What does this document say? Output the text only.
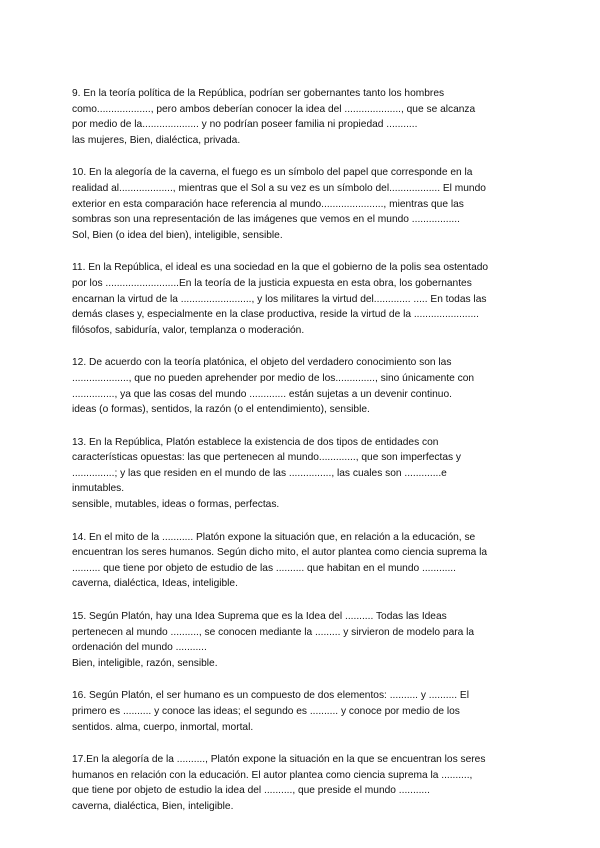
9. En la teoría política de la República, podrían ser gobernantes tanto los hombres
como..................., pero ambos deberían conocer la idea del ...................., que se alcanza
por medio de la.................... y no podrían poseer familia ni propiedad ...........
las mujeres, Bien, dialéctica, privada.
10. En la alegoría de la caverna, el fuego es un símbolo del papel que corresponde en la
realidad al..................., mientras que el Sol a su vez es un símbolo del.................. El mundo
exterior en esta comparación hace referencia al mundo......................, mientras que las
sombras son una representación de las imágenes que vemos en el mundo .................
Sol, Bien (o idea del bien), inteligible, sensible.
11. En la República, el ideal es una sociedad en la que el gobierno de la polis sea ostentado
por los ..........................En la teoría de la justicia expuesta en esta obra, los gobernantes
encarnan la virtud de la ........................., y los militares la virtud del............. ..... En todas las
demás clases y, especialmente en la clase productiva, reside la virtud de la .......................
filósofos, sabiduría, valor, templanza o moderación.
12. De acuerdo con la teoría platónica, el objeto del verdadero conocimiento son las
...................., que no pueden aprehender por medio de los.............., sino únicamente con
..............., ya que las cosas del mundo ............. están sujetas a un devenir continuo.
ideas (o formas), sentidos, la razón (o el entendimiento), sensible.
13. En la República, Platón establece la existencia de dos tipos de entidades con
características opuestas: las que pertenecen al mundo............., que son imperfectas y
...............; y las que residen en el mundo de las ..............., las cuales son .............e
inmutables.
sensible, mutables, ideas o formas, perfectas.
14. En el mito de la ........... Platón expone la situación que, en relación a la educación, se
encuentran los seres humanos. Según dicho mito, el autor plantea como ciencia suprema la
.......... que tiene por objeto de estudio de las .......... que habitan en el mundo ............
caverna, dialéctica, Ideas, inteligible.
15. Según Platón, hay una Idea Suprema que es la Idea del .......... Todas las Ideas
pertenecen al mundo .........., se conocen mediante la ......... y sirvieron de modelo para la
ordenación del mundo ...........
Bien, inteligible, razón, sensible.
16. Según Platón, el ser humano es un compuesto de dos elementos: .......... y .......... El
primero es .......... y conoce las ideas; el segundo es .......... y conoce por medio de los
sentidos. alma, cuerpo, inmortal, mortal.
17.En la alegoría de la .........., Platón expone la situación en la que se encuentran los seres
humanos en relación con la educación. El autor plantea como ciencia suprema la ..........,
que tiene por objeto de estudio la idea del .........., que preside el mundo ...........
caverna, dialéctica, Bien, inteligible.
